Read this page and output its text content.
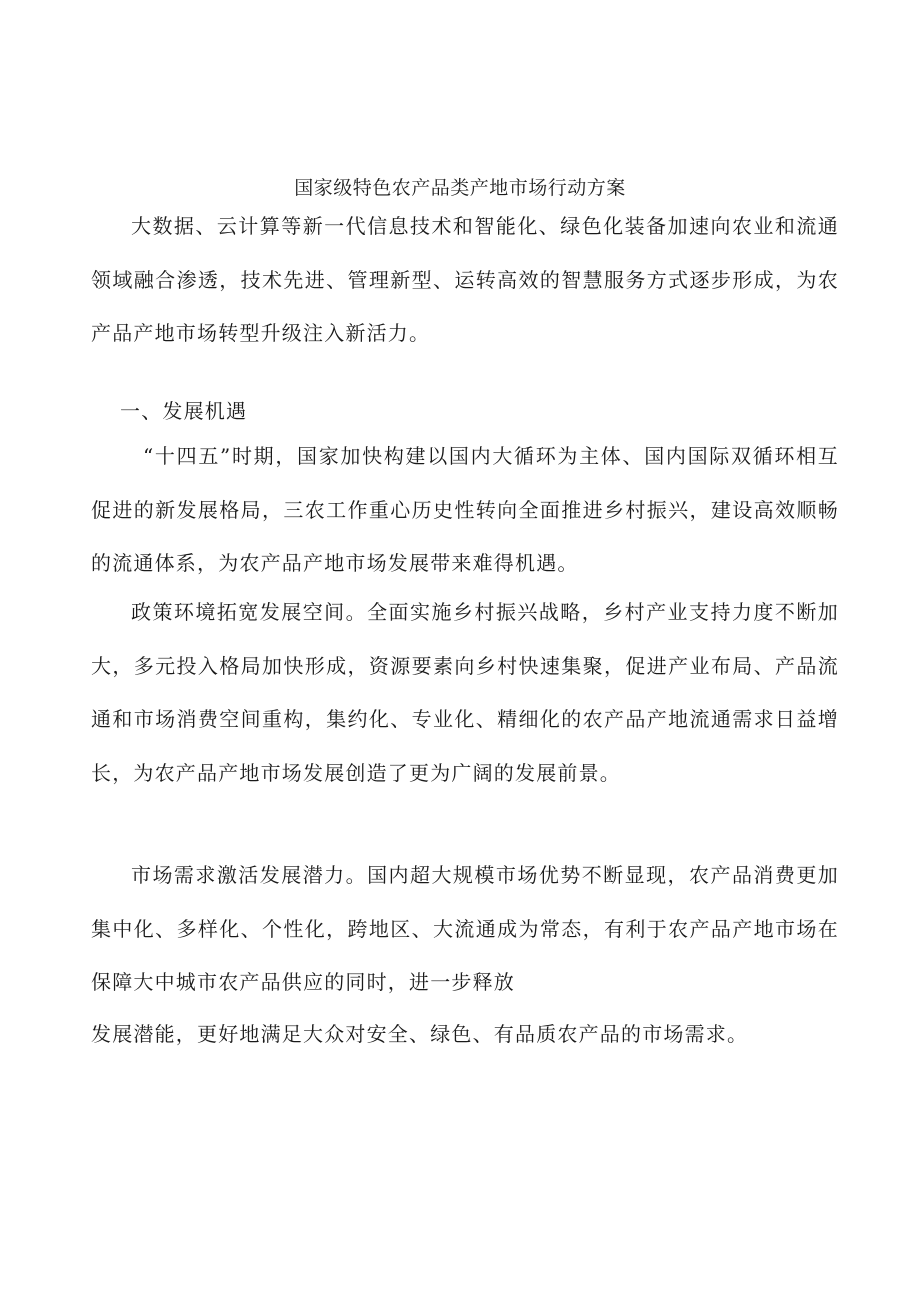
国家级特色农产品类产地市场行动方案

大数据、云计算等新一代信息技术和智能化、绿色化装备加速向农业和流通领域融合渗透，技术先进、管理新型、运转高效的智慧服务方式逐步形成，为农产品产地市场转型升级注入新活力。

一、发展机遇

“十四五”时期，国家加快构建以国内大循环为主体、国内国际双循环相互促进的新发展格局，三农工作重心历史性转向全面推进乡村振兴，建设高效顺畅的流通体系，为农产品产地市场发展带来难得机遇。

政策环境拓宽发展空间。全面实施乡村振兴战略，乡村产业支持力度不断加大，多元投入格局加快形成，资源要素向乡村快速集聚，促进产业布局、产品流通和市场消费空间重构，集约化、专业化、精细化的农产品产地流通需求日益增长，为农产品产地市场发展创造了更为广阔的发展前景。

市场需求激活发展潜力。国内超大规模市场优势不断显现，农产品消费更加集中化、多样化、个性化，跨地区、大流通成为常态，有利于农产品产地市场在保障大中城市农产品供应的同时，进一步释放

发展潜能，更好地满足大众对安全、绿色、有品质农产品的市场需求。
